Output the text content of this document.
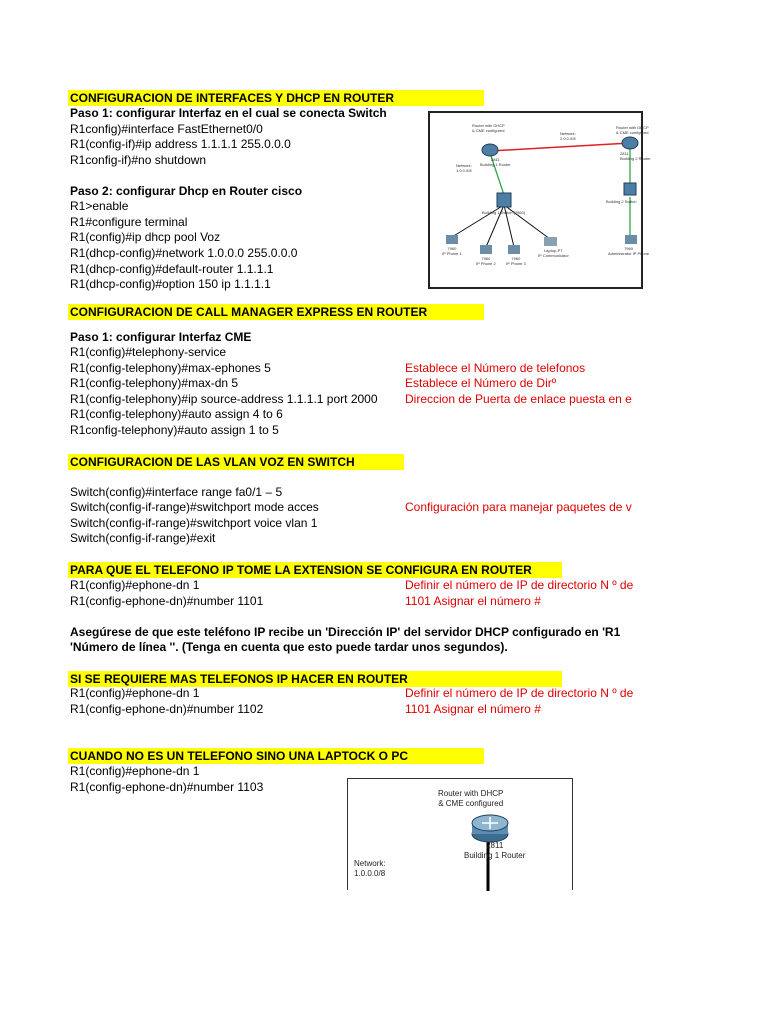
CONFIGURACION DE INTERFACES Y DHCP EN ROUTER
Paso 1: configurar Interfaz en el cual se conecta Switch
R1config)#interface FastEthernet0/0
R1(config-if)#ip address 1.1.1.1 255.0.0.0
R1config-if)#no shutdown
Paso 2: configurar Dhcp en Router cisco
R1>enable
R1#configure terminal
R1(config)#ip dhcp pool Voz
R1(dhcp-config)#network 1.0.0.0 255.0.0.0
R1(dhcp-config)#default-router 1.1.1.1
R1(dhcp-config)#option 150 ip 1.1.1.1
Router with DHCP
& CME configured
2811
Building 1 Router
Router with DHCP
& CME configured
2811
Building 2 Router
Network:
1.0.0.0/8
Network:
2.0.0.0/8
Building 1 Switch (2960)
Building 2 Switch
7960
IP Phone 1
7960
IP Phone 2
7960
IP Phone 3
Laptop-PT
IP Communicator
7960
Administrator IP Phone
CONFIGURACION DE CALL MANAGER EXPRESS EN ROUTER
Paso 1: configurar Interfaz CME
R1(config)#telephony-service
R1(config-telephony)#max-ephones 5
R1(config-telephony)#max-dn 5
R1(config-telephony)#ip source-address 1.1.1.1 port 2000
R1(config-telephony)#auto assign 4 to 6
R1config-telephony)#auto assign 1 to 5
Establece el Número de telefonos
Establece el Número de Dirº
Direccion de Puerta de enlace puesta en e
CONFIGURACION DE LAS VLAN VOZ EN SWITCH
Switch(config)#interface range fa0/1 – 5
Switch(config-if-range)#switchport mode acces
Switch(config-if-range)#switchport voice vlan 1
Switch(config-if-range)#exit
Configuración para manejar paquetes de v
PARA QUE EL TELEFONO IP TOME LA EXTENSION SE CONFIGURA EN ROUTER
R1(config)#ephone-dn 1
R1(config-ephone-dn)#number 1101
Definir el número de IP de directorio N º de
1101 Asignar el número #
Asegúrese de que este teléfono IP recibe un 'Dirección IP' del servidor DHCP configurado en 'R1
'Número de línea ''. (Tenga en cuenta que esto puede tardar unos segundos).
SI SE REQUIERE MAS TELEFONOS IP HACER EN ROUTER
R1(config)#ephone-dn 1
R1(config-ephone-dn)#number 1102
Definir el número de IP de directorio N º de
1101 Asignar el número #
CUANDO NO ES UN TELEFONO SINO UNA LAPTOCK O PC
R1(config)#ephone-dn 1
R1(config-ephone-dn)#number 1103	Router with DHCP
& CME configured
2811
Building 1 Router
Network:
1.0.0.0/8
